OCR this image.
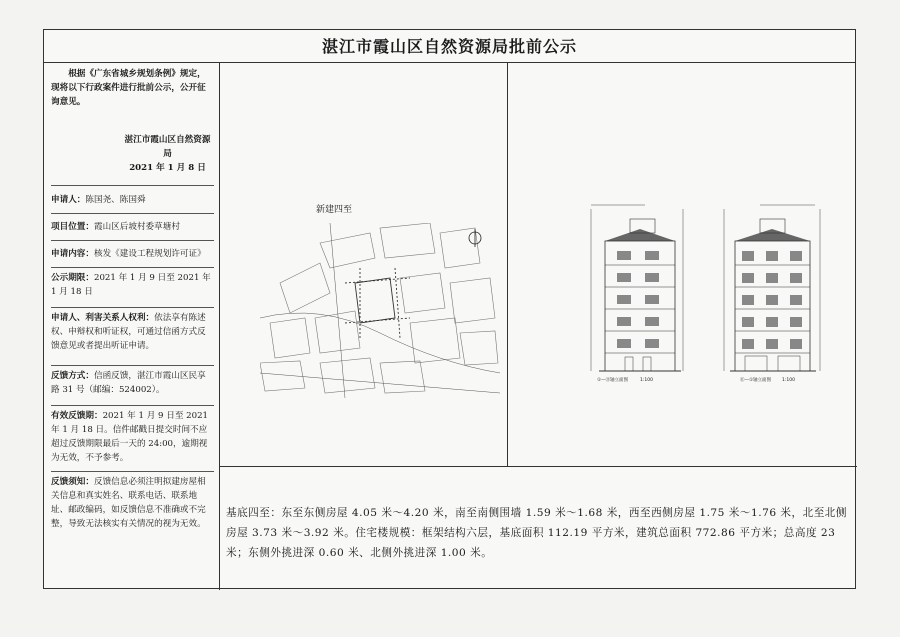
湛江市霞山区自然资源局批前公示
根据《广东省城乡规划条例》规定，现将以下行政案件进行批前公示，公开征询意见。
湛江市霞山区自然资源局
2021 年 1 月 8 日
申请人：陈国尧、陈国舜
项目位置：霞山区后坡村委草塘村
申请内容：核发《建设工程规划许可证》
公示期限：2021 年 1 月 9 日至 2021 年 1 月 18 日
申请人、利害关系人权利：依法享有陈述权、申辩权和听证权，可通过信函方式反馈意见或者提出听证申请。
反馈方式：信函反馈，湛江市霞山区民享路 31 号（邮编：524002）。
有效反馈期：2021 年 1 月 9 日至 2021 年 1 月 18 日。信件邮戳日提交时间不应超过反馈期限最后一天的 24:00，逾期视为无效，不予参考。
反馈须知：反馈信息必须注明拟建房屋相关信息和真实姓名、联系电话、联系地址、邮政编码，如反馈信息不准确或不完整，导致无法核实有关情况的视为无效。
新建四至
①—⑪轴立面图	1:100	⑪—①轴立面图 1:100
基底四至：东至东侧房屋 4.05 米～4.20 米，南至南侧围墙 1.59 米～1.68 米，西至西侧房屋 1.75 米～1.76 米，北至北侧房屋 3.73 米～3.92 米。住宅楼规模：框架结构六层，基底面积 112.19 平方米，建筑总面积 772.86 平方米；总高度 23 米；东侧外挑进深 0.60 米、北侧外挑进深 1.00 米。
